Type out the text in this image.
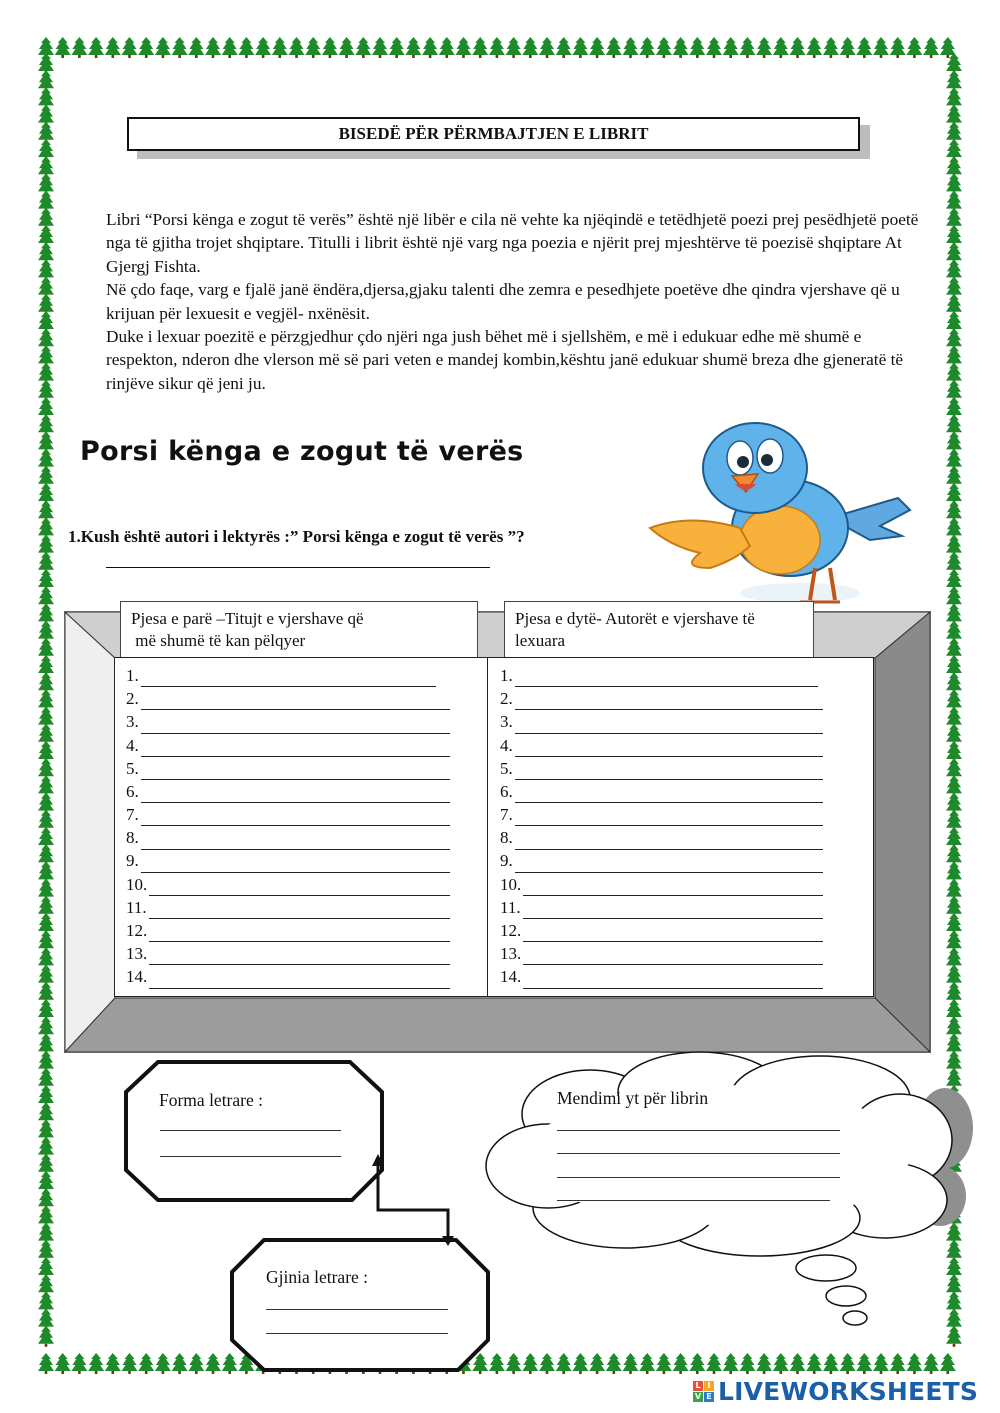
BISEDË PËR PËRMBAJTJEN E LIBRIT

Libri “Porsi kënga e zogut të verës” është një libër e cila në vehte ka njëqindë e tetëdhjetë poezi prej pesëdhjetë poetë nga të gjitha trojet shqiptare. Titulli i librit është një varg nga poezia e njërit prej mjeshtërve të poezisë shqiptare At Gjergj Fishta.

Në çdo faqe, varg e fjalë janë ëndëra,djersa,gjaku talenti dhe zemra e pesedhjete poetëve dhe qindra vjershave që u krijuan për lexuesit e vegjël- nxënësit.

Duke i lexuar poezitë e përzgjedhur çdo njëri nga jush bëhet më i sjellshëm, e më i edukuar edhe më shumë e respekton, nderon dhe vlerson më së pari veten e mandej kombin,kështu janë edukuar shumë breza dhe gjeneratë të rinjëve sikur që jeni ju.

Porsi kënga e zogut të verës
1.Kush është autori i lektyrës :” Porsi kënga e zogut të verës ”?
Pjesa e parë –Titujt e vjershave që
më shumë të kan pëlqyer
Pjesa e dytë- Autorët e vjershave të
lexuara
1.
2.
3.
4.
5.
6.
7.
8.
9.
10.
11.
12.
13.
14.
1.
2.
3.
4.
5.
6.
7.
8.
9.
10.
11.
12.
13.
14.
Forma letrare :
Gjinia letrare :
Mendimi yt për librin
L I
V E LIVEWORKSHEETS
